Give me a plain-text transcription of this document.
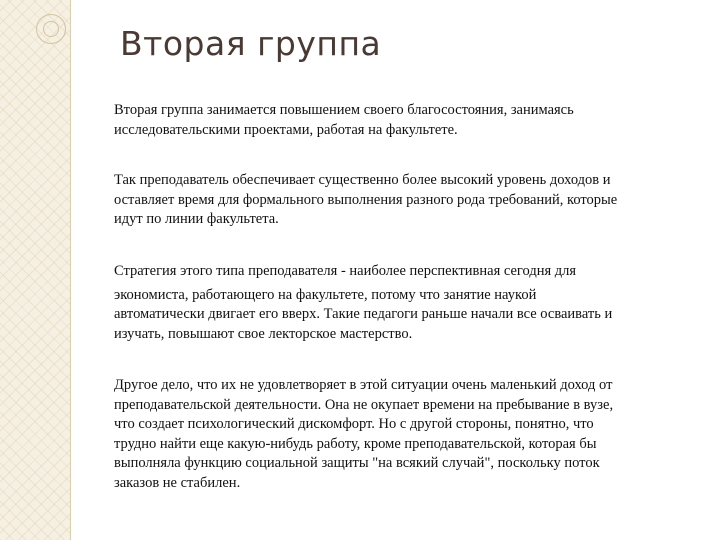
Вторая группа

Вторая группа занимается повышением своего благосостояния, занимаясь
исследовательскими проектами, работая на факультете.

Так преподаватель обеспечивает существенно более высокий уровень доходов и
оставляет время для формального выполнения разного рода требований, которые
идут по линии факультета.

Стратегия этого типа преподавателя - наиболее перспективная сегодня для
экономиста, работающего на факультете, потому что занятие наукой
автоматически двигает его вверх. Такие педагоги раньше начали все осваивать и
изучать, повышают свое лекторское мастерство.

Другое дело, что их не удовлетворяет в этой ситуации очень маленький доход от
преподавательской деятельности. Она не окупает времени на пребывание в вузе,
что создает психологический дискомфорт. Но с другой стороны, понятно, что
трудно найти еще какую-нибудь работу, кроме преподавательской, которая бы
выполняла функцию социальной защиты "на всякий случай", поскольку поток
заказов не стабилен.
